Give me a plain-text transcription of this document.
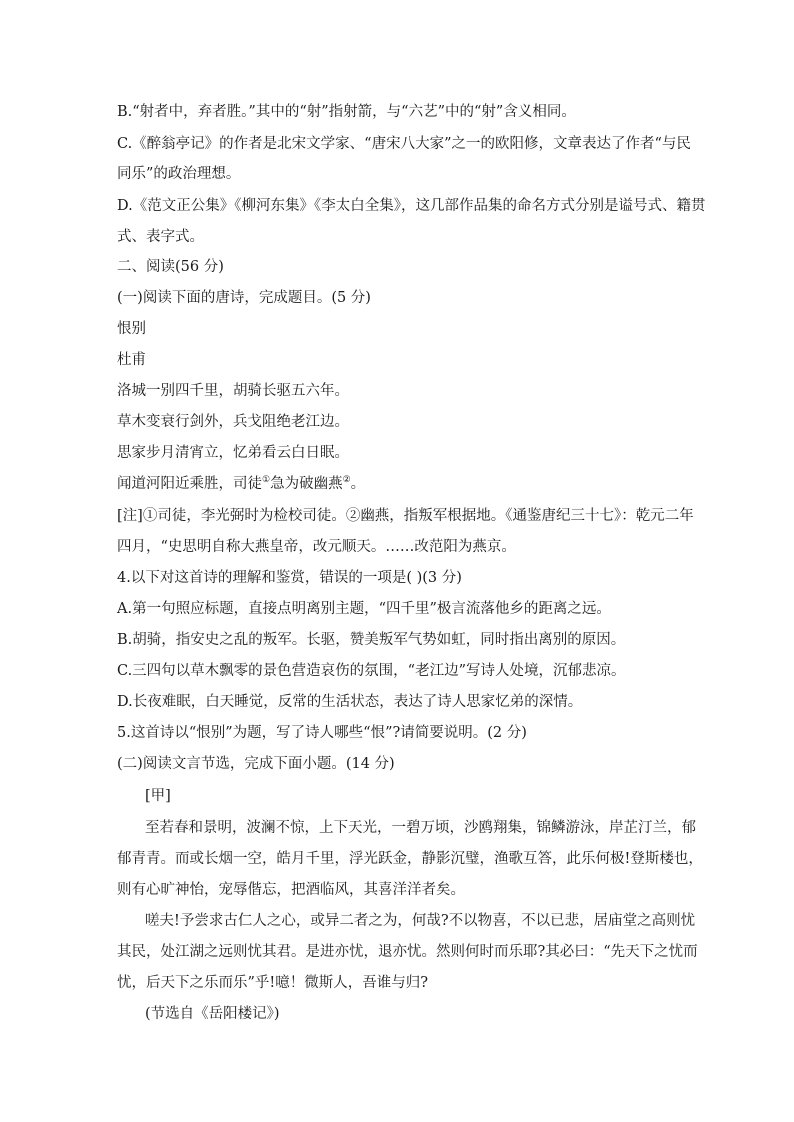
B.“射者中，弃者胜。”其中的“射”指射箭，与“六艺”中的“射”含义相同。
C.《醉翁亭记》的作者是北宋文学家、“唐宋八大家”之一的欧阳修，文章表达了作者“与民
同乐”的政治理想。
D.《范文正公集》《柳河东集》《李太白全集》，这几部作品集的命名方式分别是谥号式、籍贯
式、表字式。
二、阅读(56 分)
(一)阅读下面的唐诗，完成题目。(5 分)
恨别
杜甫
洛城一别四千里，胡骑长驱五六年。
草木变衰行剑外，兵戈阻绝老江边。
思家步月清宵立，忆弟看云白日眠。
闻道河阳近乘胜，司徒①急为破幽燕②。
[注]①司徒，李光弼时为检校司徒。②幽燕，指叛军根据地。《通鉴唐纪三十七》：乾元二年
四月，“史思明自称大燕皇帝，改元顺天。……改范阳为燕京。
4.以下对这首诗的理解和鉴赏，错误的一项是( )(3 分)
A.第一句照应标题，直接点明离别主题，“四千里”极言流落他乡的距离之远。
B.胡骑，指安史之乱的叛军。长驱，赞美叛军气势如虹，同时指出离别的原因。
C.三四句以草木飘零的景色营造哀伤的氛围，“老江边”写诗人处境，沉郁悲凉。
D.长夜难眠，白天睡觉，反常的生活状态，表达了诗人思家忆弟的深情。
5.这首诗以“恨别”为题，写了诗人哪些“恨”?请简要说明。(2 分)
(二)阅读文言节选，完成下面小题。(14 分)
[甲]
至若春和景明，波澜不惊，上下天光，一碧万顷，沙鸥翔集，锦鳞游泳，岸芷汀兰，郁
郁青青。而或长烟一空，皓月千里，浮光跃金，静影沉璧，渔歌互答，此乐何极!登斯楼也，
则有心旷神怡，宠辱偕忘，把酒临风，其喜洋洋者矣。
嗟夫!予尝求古仁人之心，或异二者之为，何哉?不以物喜，不以已悲，居庙堂之高则忧
其民，处江湖之远则忧其君。是进亦忧，退亦忧。然则何时而乐耶?其必曰：“先天下之忧而
忧，后天下之乐而乐”乎!噫！微斯人，吾谁与归?
(节选自《岳阳楼记》)
